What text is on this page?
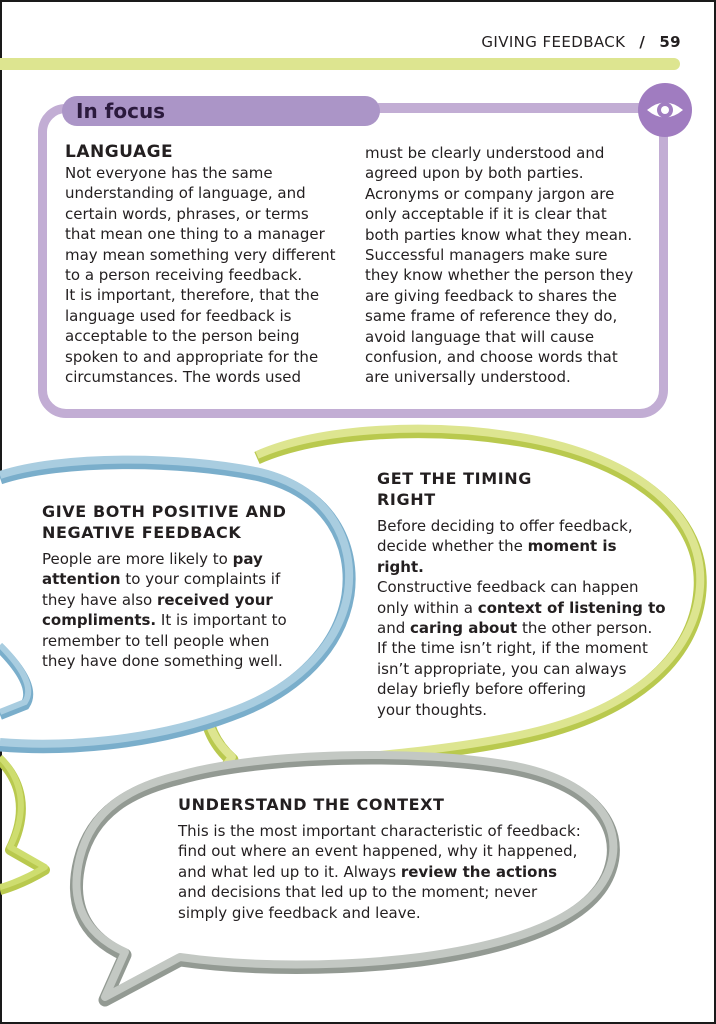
GIVING FEEDBACK / 59
In focus
LANGUAGE
Not everyone has the same
understanding of language, and
certain words, phrases, or terms
that mean one thing to a manager
may mean something very different
to a person receiving feedback.
It is important, therefore, that the
language used for feedback is
acceptable to the person being
spoken to and appropriate for the
circumstances. The words used
must be clearly understood and
agreed upon by both parties.
Acronyms or company jargon are
only acceptable if it is clear that
both parties know what they mean.
Successful managers make sure
they know whether the person they
are giving feedback to shares the
same frame of reference they do,
avoid language that will cause
confusion, and choose words that
are universally understood.
GIVE BOTH POSITIVE AND
NEGATIVE FEEDBACK
People are more likely to pay
attention to your complaints if
they have also received your
compliments. It is important to
remember to tell people when
they have done something well.
GET THE TIMING
RIGHT
Before deciding to offer feedback,
decide whether the moment is right.
Constructive feedback can happen
only within a context of listening to
and caring about the other person.
If the time isn’t right, if the moment
isn’t appropriate, you can always
delay briefly before offering
your thoughts.
UNDERSTAND THE CONTEXT
This is the most important characteristic of feedback:
find out where an event happened, why it happened,
and what led up to it. Always review the actions
and decisions that led up to the moment; never
simply give feedback and leave.
